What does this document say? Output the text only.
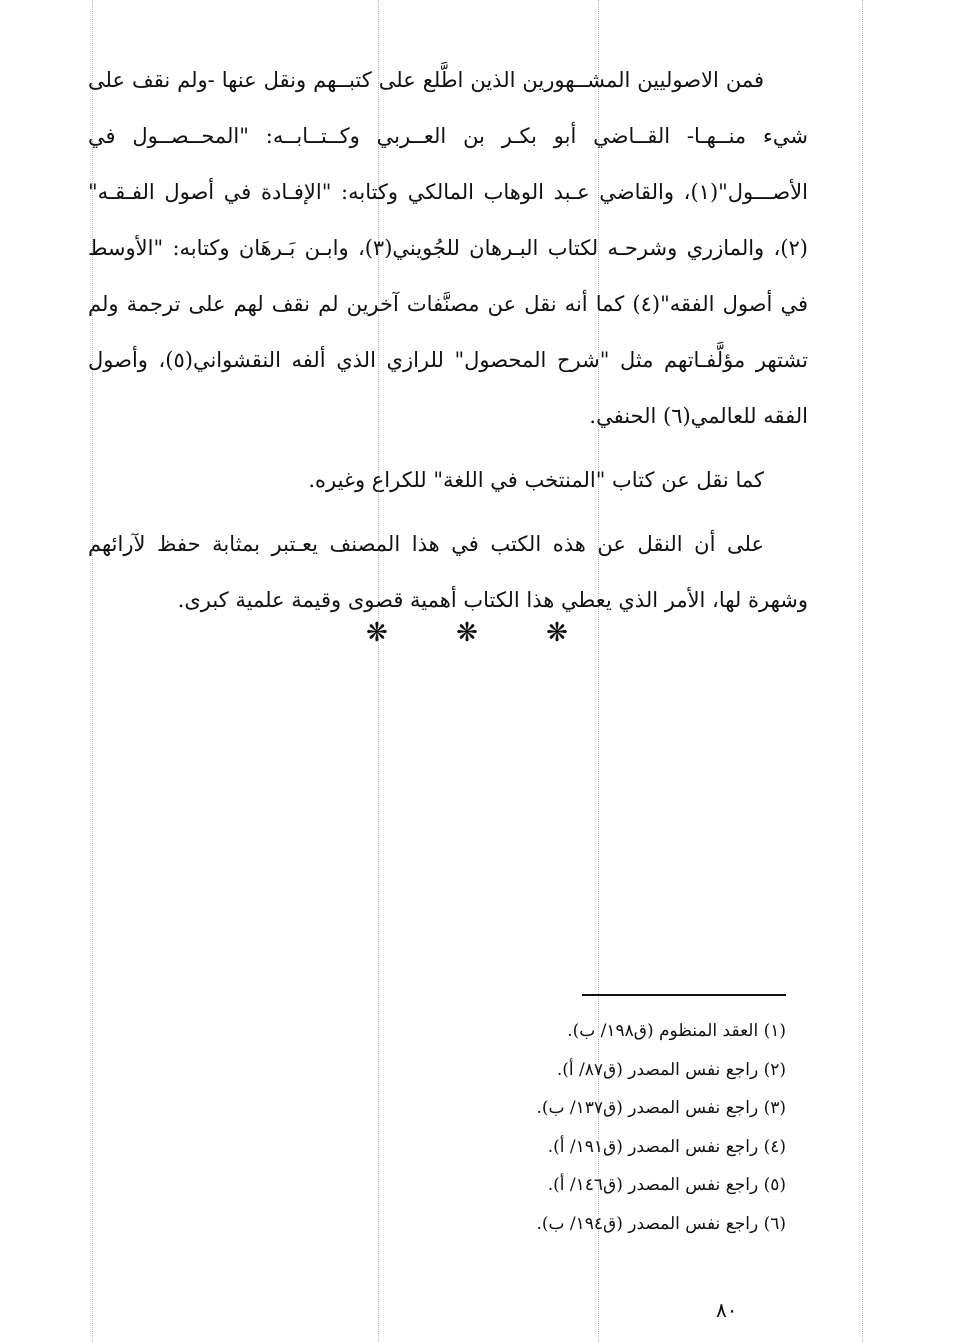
فمن الاصوليين المشــهورين الذين اطَّلع على كتبــهم ونقل عنها -ولم نقف على شيء منــهـا- القــاضي أبو بكـر بن العــربي وكــتــابــه: "المحــصــول في الأصـــول"(١)، والقاضي عـبد الوهاب المالكي وكتابه: "الإفـادة في أصول الفـقـه"(٢)، والمازري وشرحـه لكتاب البـرهان للجُويني(٣)، وابـن بَـرهَان وكتابه: "الأوسط في أصول الفقه"(٤) كما أنه نقل عن مصنَّفات آخرين لم نقف لهم على ترجمة ولم تشتهر مؤلَّفـاتهم مثل "شرح المحصول" للرازي الذي ألفه النقشواني(٥)، وأصول الفقه للعالمي(٦) الحنفي.

كما نقل عن كتاب "المنتخب في اللغة" للكراع وغيره.

على أن النقل عن هذه الكتب في هذا المصنف يعـتبر بمثابة حفظ لآرائهم وشهرة لها، الأمر الذي يعطي هذا الكتاب أهمية قصوى وقيمة علمية كبرى.

❋ ❋ ❋
(١) العقد المنظوم (ق١٩٨/ ب).
(٢) راجع نفس المصدر (ق٨٧/ أ).
(٣) راجع نفس المصدر (ق١٣٧/ ب).
(٤) راجع نفس المصدر (ق١٩١/ أ).
(٥) راجع نفس المصدر (ق١٤٦/ أ).
(٦) راجع نفس المصدر (ق١٩٤/ ب).
٨٠
